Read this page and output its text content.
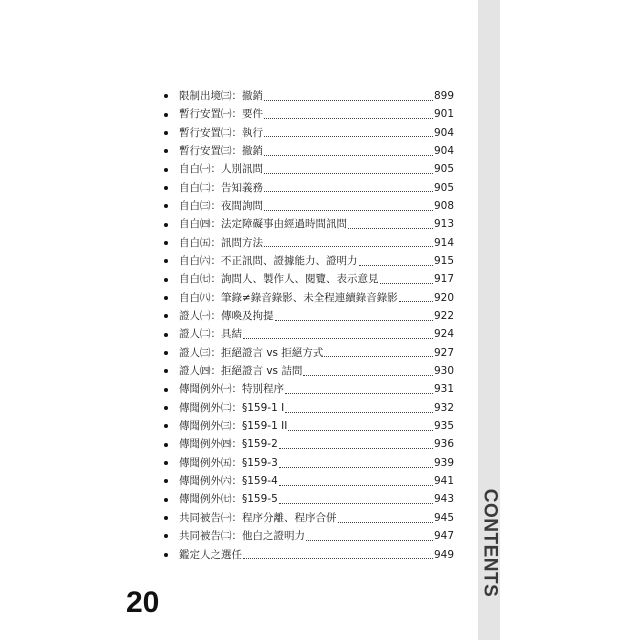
CONTENTS
限制出境㈢：撤銷	899
暫行安置㈠：要件	901
暫行安置㈡：執行	904
暫行安置㈢：撤銷	904
自白㈠：人別訊問	905
自白㈡：告知義務	905
自白㈢：夜間詢問	908
自白㈣：法定障礙事由經過時間訊問	913
自白㈤：訊問方法	914
自白㈥：不正訊問、證據能力、證明力	915
自白㈦：詢問人、製作人、閱覽、表示意見	917
自白㈧：筆錄≠錄音錄影、未全程連續錄音錄影	920
證人㈠：傳喚及拘提	922
證人㈡：具結	924
證人㈢：拒絕證言 vs 拒絕方式	927
證人㈣：拒絕證言 vs 詰問	930
傳聞例外㈠：特別程序	931
傳聞例外㈡：§159-1 I	932
傳聞例外㈢：§159-1 II	935
傳聞例外㈣：§159-2	936
傳聞例外㈤：§159-3	939
傳聞例外㈥：§159-4	941
傳聞例外㈦：§159-5	943
共同被告㈠：程序分離、程序合併	945
共同被告㈡：他白之證明力	947
鑑定人之選任	949
20
